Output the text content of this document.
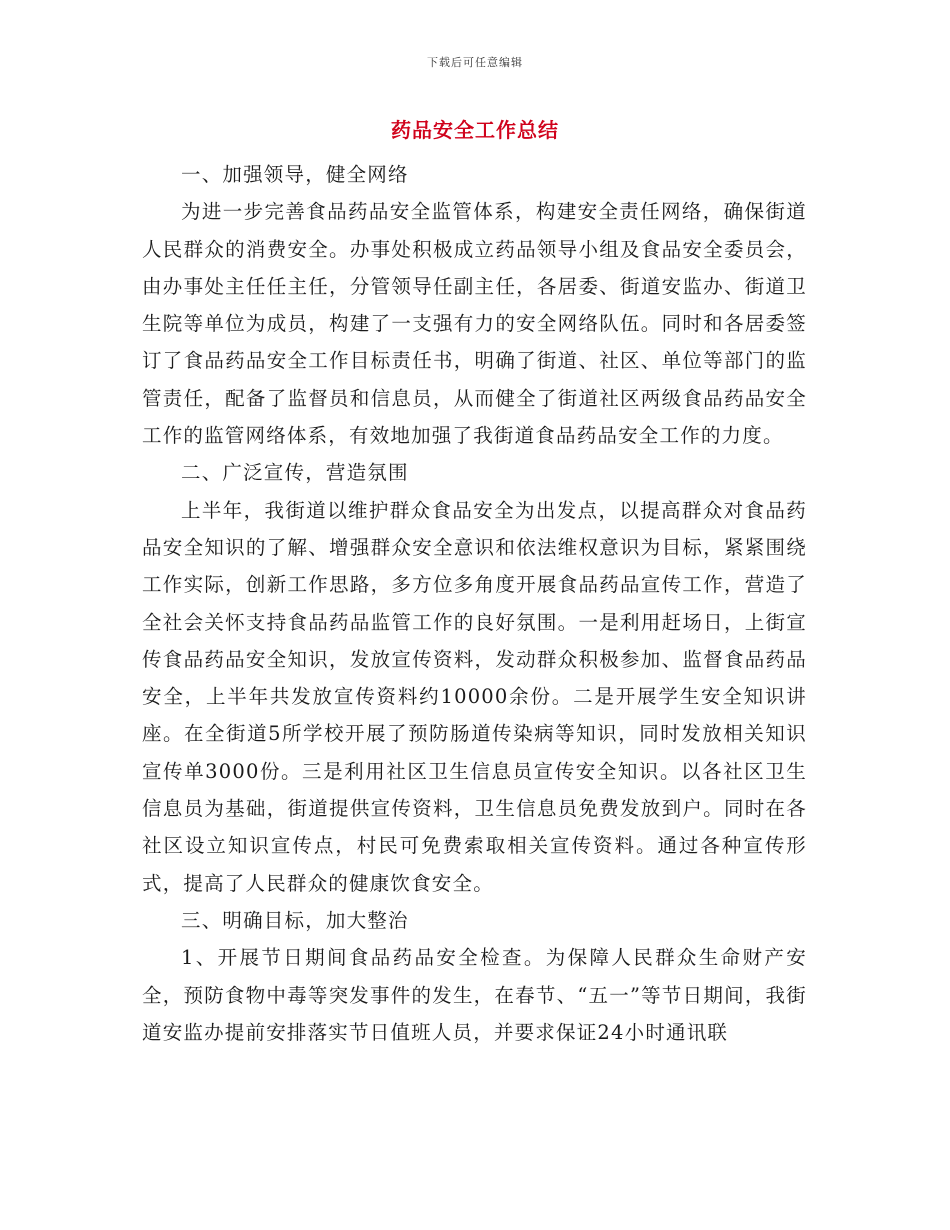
下载后可任意编辑
药品安全工作总结

一、加强领导，健全网络

为进一步完善食品药品安全监管体系，构建安全责任网络，确保街道人民群众的消费安全。办事处积极成立药品领导小组及食品安全委员会，由办事处主任任主任，分管领导任副主任，各居委、街道安监办、街道卫生院等单位为成员，构建了一支强有力的安全网络队伍。同时和各居委签订了食品药品安全工作目标责任书，明确了街道、社区、单位等部门的监管责任，配备了监督员和信息员，从而健全了街道社区两级食品药品安全工作的监管网络体系，有效地加强了我街道食品药品安全工作的力度。

二、广泛宣传，营造氛围

上半年，我街道以维护群众食品安全为出发点，以提高群众对食品药品安全知识的了解、增强群众安全意识和依法维权意识为目标，紧紧围绕工作实际，创新工作思路，多方位多角度开展食品药品宣传工作，营造了全社会关怀支持食品药品监管工作的良好氛围。一是利用赶场日，上街宣传食品药品安全知识，发放宣传资料，发动群众积极参加、监督食品药品安全，上半年共发放宣传资料约10000余份。二是开展学生安全知识讲座。在全街道5所学校开展了预防肠道传染病等知识，同时发放相关知识宣传单3000份。三是利用社区卫生信息员宣传安全知识。以各社区卫生信息员为基础，街道提供宣传资料，卫生信息员免费发放到户。同时在各社区设立知识宣传点，村民可免费索取相关宣传资料。通过各种宣传形式，提高了人民群众的健康饮食安全。

三、明确目标，加大整治

1、开展节日期间食品药品安全检查。为保障人民群众生命财产安全，预防食物中毒等突发事件的发生，在春节、“五一”等节日期间，我街道安监办提前安排落实节日值班人员，并要求保证24小时通讯联
